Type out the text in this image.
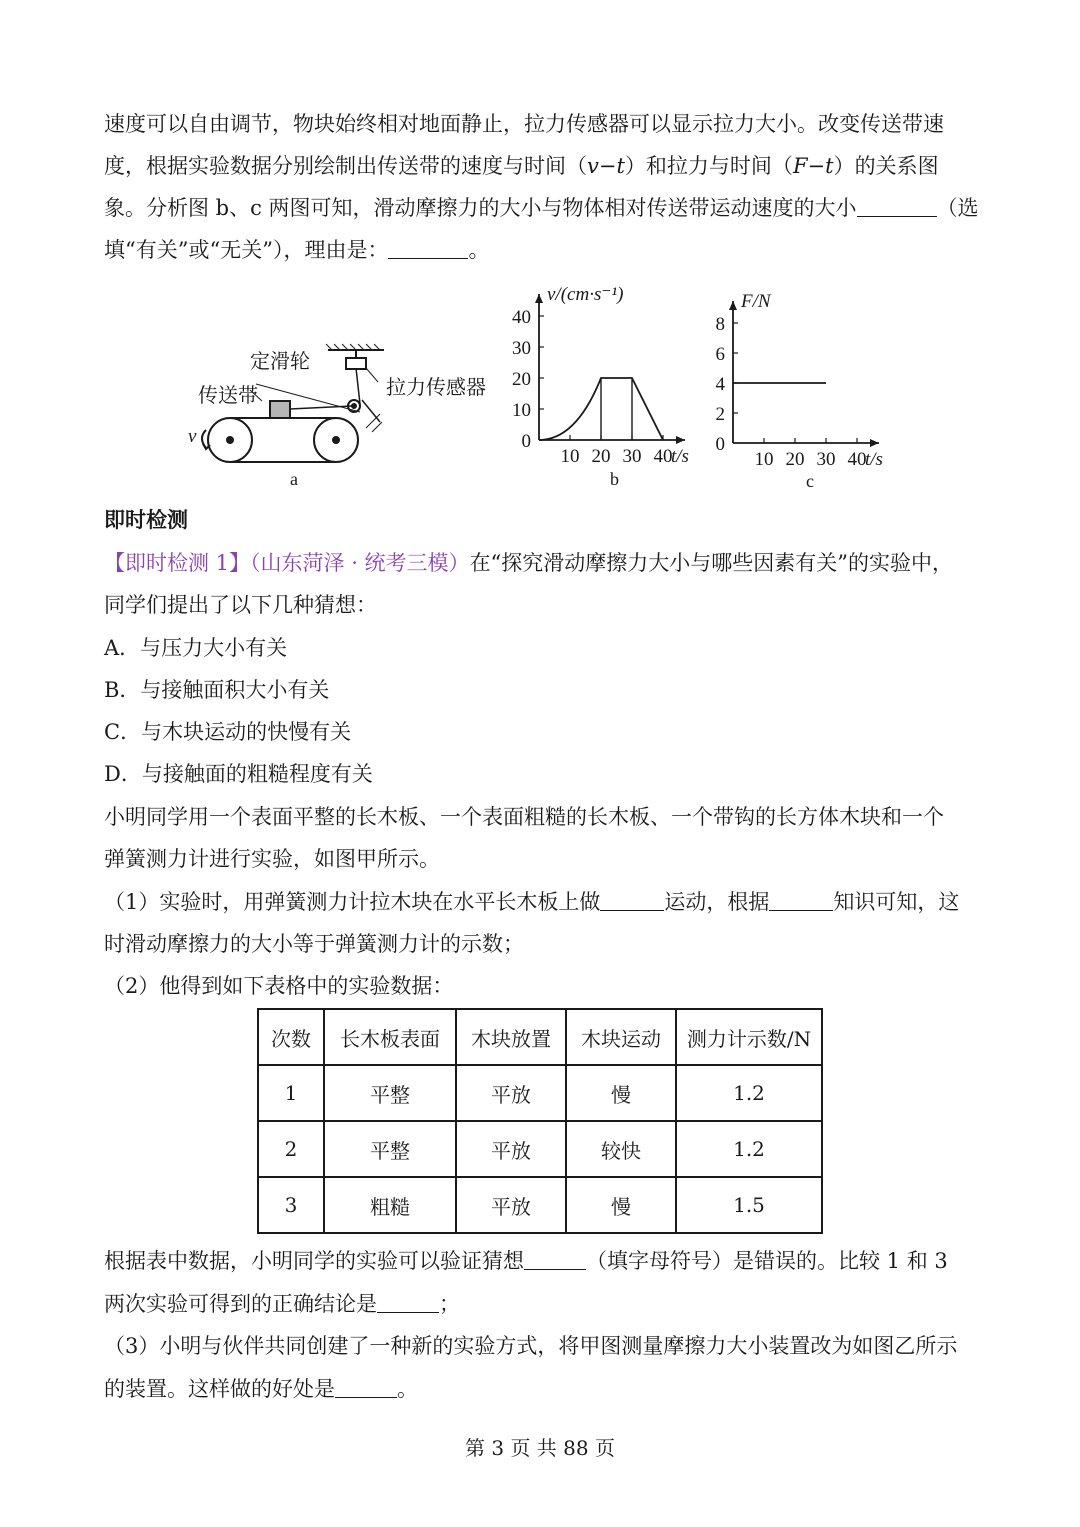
速度可以自由调节，物块始终相对地面静止，拉力传感器可以显示拉力大小。改变传送带速
度，根据实验数据分别绘制出传送带的速度与时间（v−t）和拉力与时间（F−t）的关系图
象。分析图 b、c 两图可知，滑动摩擦力的大小与物体相对传送带运动速度的大小	（选
填“有关”或“无关”），理由是：	。
定滑轮
传送带	拉力传感器
v
a
10 20 30 40
0
10
20
30
40
v/(cm·s⁻¹)
t/s
b
10 20 30 40
0
2
4
6
8
F/N
t/s
c
即时检测
【即时检测 1】（山东菏泽 · 统考三模）在“探究滑动摩擦力大小与哪些因素有关”的实验中，
同学们提出了以下几种猜想：
A．与压力大小有关
B．与接触面积大小有关
C．与木块运动的快慢有关
D．与接触面的粗糙程度有关
小明同学用一个表面平整的长木板、一个表面粗糙的长木板、一个带钩的长方体木块和一个
弹簧测力计进行实验，如图甲所示。
（1）实验时，用弹簧测力计拉木块在水平长木板上做	运动，根据	知识可知，这
时滑动摩擦力的大小等于弹簧测力计的示数；
（2）他得到如下表格中的实验数据：
次数	长木板表面	木块放置	木块运动	测力计示数/N
1	平整	平放	慢	1.2
2	平整	平放	较快	1.2
3	粗糙	平放	慢	1.5
根据表中数据，小明同学的实验可以验证猜想	（填字母符号）是错误的。比较 1 和 3
两次实验可得到的正确结论是	；
（3）小明与伙伴共同创建了一种新的实验方式，将甲图测量摩擦力大小装置改为如图乙所示
的装置。这样做的好处是	。
第 3 页 共 88 页
